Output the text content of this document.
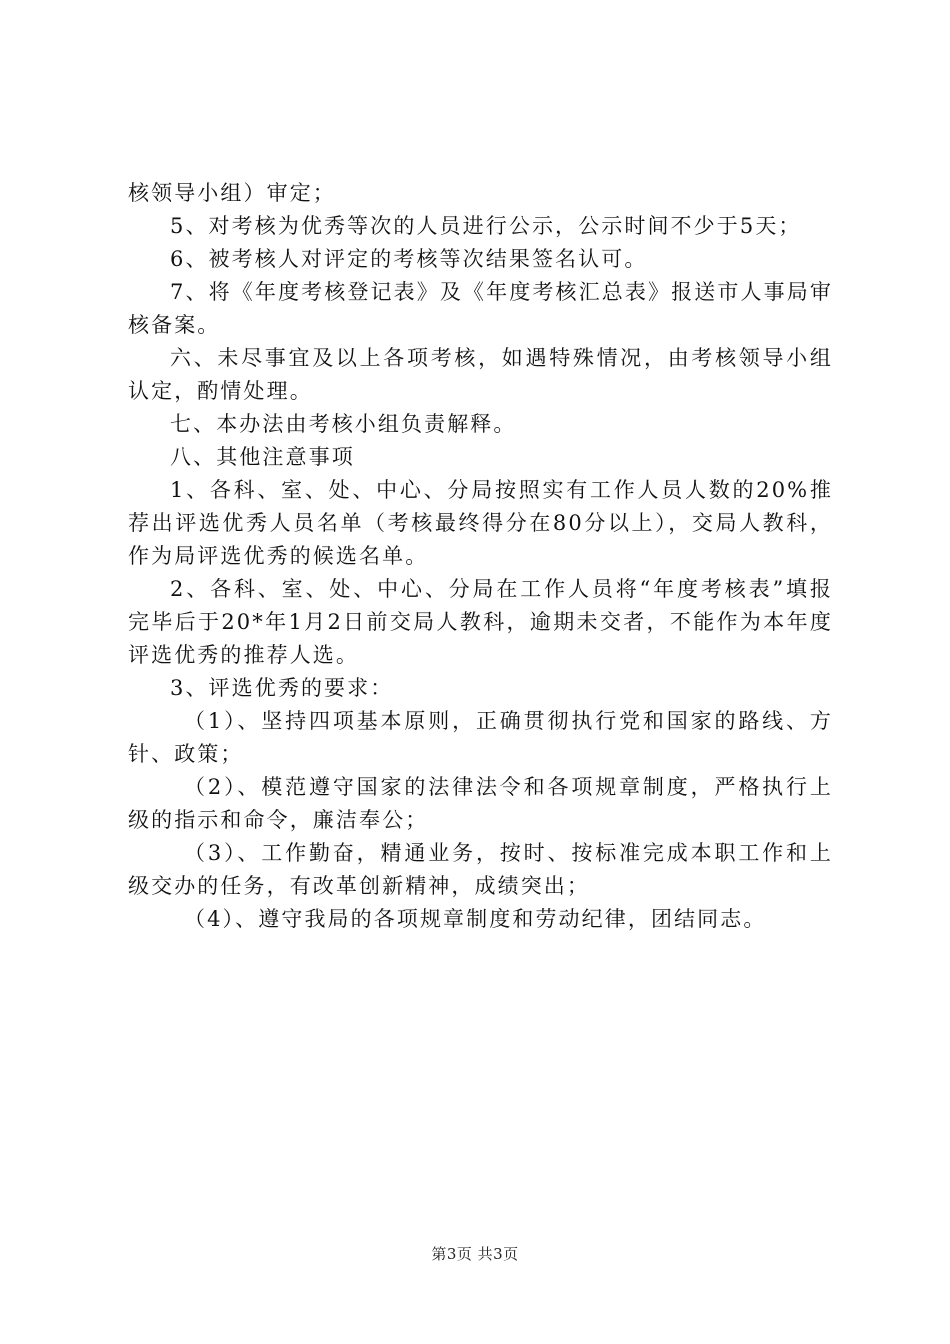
核领导小组）审定；

5、对考核为优秀等次的人员进行公示，公示时间不少于5天；

6、被考核人对评定的考核等次结果签名认可。

7、将《年度考核登记表》及《年度考核汇总表》报送市人事局审核备案。

六、未尽事宜及以上各项考核，如遇特殊情况，由考核领导小组认定，酌情处理。

七、本办法由考核小组负责解释。

八、其他注意事项

1、各科、室、处、中心、分局按照实有工作人员人数的20%推荐出评选优秀人员名单（考核最终得分在80分以上），交局人教科，作为局评选优秀的候选名单。

2、各科、室、处、中心、分局在工作人员将“年度考核表”填报完毕后于20*年1月2日前交局人教科，逾期未交者，不能作为本年度评选优秀的推荐人选。

3、评选优秀的要求：

（1）、坚持四项基本原则，正确贯彻执行党和国家的路线、方针、政策；

（2）、模范遵守国家的法律法令和各项规章制度，严格执行上级的指示和命令，廉洁奉公；

（3）、工作勤奋，精通业务，按时、按标准完成本职工作和上级交办的任务，有改革创新精神，成绩突出；

（4）、遵守我局的各项规章制度和劳动纪律，团结同志。

第3页 共3页
